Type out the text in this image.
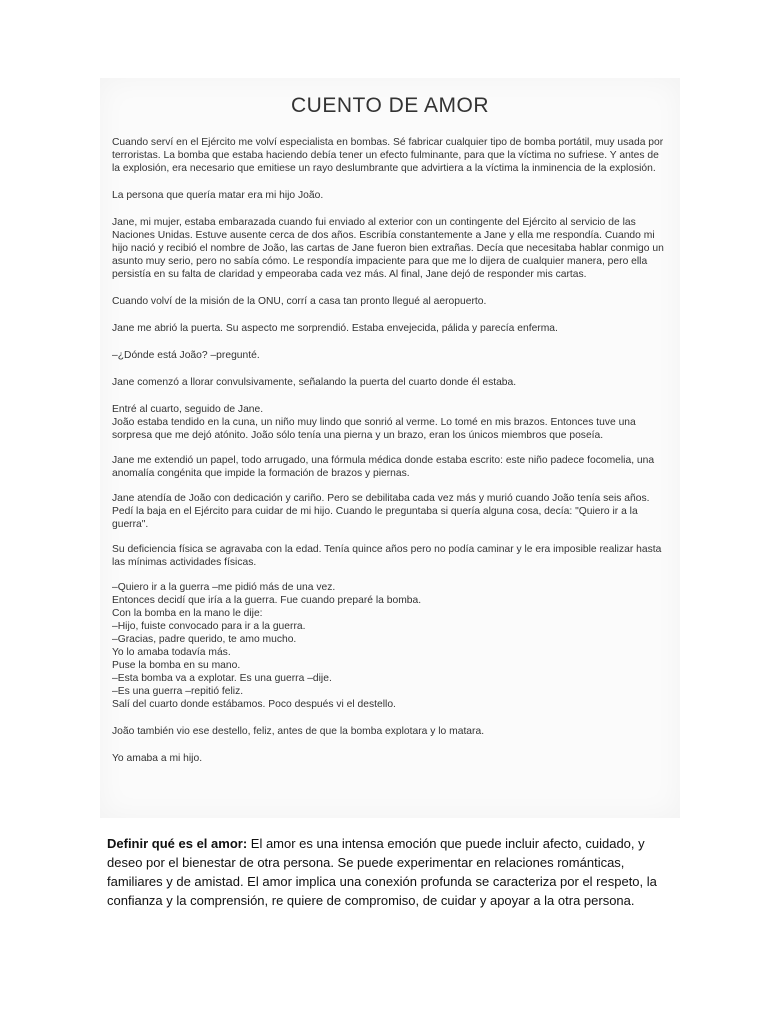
CUENTO DE AMOR

Cuando serví en el Ejército me volví especialista en bombas. Sé fabricar cualquier tipo de bomba portátil, muy usada por terroristas. La bomba que estaba haciendo debía tener un efecto fulminante, para que la víctima no sufriese. Y antes de la explosión, era necesario que emitiese un rayo deslumbrante que advirtiera a la víctima la inminencia de la explosión.

La persona que quería matar era mi hijo João.

Jane, mi mujer, estaba embarazada cuando fui enviado al exterior con un contingente del Ejército al servicio de las Naciones Unidas. Estuve ausente cerca de dos años. Escribía constantemente a Jane y ella me respondía. Cuando mi hijo nació y recibió el nombre de João, las cartas de Jane fueron bien extrañas. Decía que necesitaba hablar conmigo un asunto muy serio, pero no sabía cómo. Le respondía impaciente para que me lo dijera de cualquier manera, pero ella persistía en su falta de claridad y empeoraba cada vez más. Al final, Jane dejó de responder mis cartas.

Cuando volví de la misión de la ONU, corrí a casa tan pronto llegué al aeropuerto.

Jane me abrió la puerta. Su aspecto me sorprendió. Estaba envejecida, pálida y parecía enferma.

–¿Dónde está João? –pregunté.

Jane comenzó a llorar convulsivamente, señalando la puerta del cuarto donde él estaba.

Entré al cuarto, seguido de Jane.
João estaba tendido en la cuna, un niño muy lindo que sonrió al verme. Lo tomé en mis brazos. Entonces tuve una sorpresa que me dejó atónito. João sólo tenía una pierna y un brazo, eran los únicos miembros que poseía.

Jane me extendió un papel, todo arrugado, una fórmula médica donde estaba escrito: este niño padece focomelia, una anomalía congénita que impide la formación de brazos y piernas.

Jane atendía de João con dedicación y cariño. Pero se debilitaba cada vez más y murió cuando João tenía seis años. Pedí la baja en el Ejército para cuidar de mi hijo. Cuando le preguntaba si quería alguna cosa, decía: "Quiero ir a la guerra".

Su deficiencia física se agravaba con la edad. Tenía quince años pero no podía caminar y le era imposible realizar hasta las mínimas actividades físicas.

–Quiero ir a la guerra –me pidió más de una vez.
Entonces decidí que iría a la guerra. Fue cuando preparé la bomba.
Con la bomba en la mano le dije:
–Hijo, fuiste convocado para ir a la guerra.
–Gracias, padre querido, te amo mucho.
Yo lo amaba todavía más.
Puse la bomba en su mano.
–Esta bomba va a explotar. Es una guerra –dije.
–Es una guerra –repitió feliz.
Salí del cuarto donde estábamos. Poco después vi el destello.

João también vio ese destello, feliz, antes de que la bomba explotara y lo matara.

Yo amaba a mi hijo.

Definir qué es el amor: El amor es una intensa emoción que puede incluir afecto, cuidado, y deseo por el bienestar de otra persona. Se puede experimentar en relaciones románticas, familiares y de amistad. El amor implica una conexión profunda se caracteriza por el respeto, la confianza y la comprensión, re quiere de compromiso, de cuidar y apoyar a la otra persona.
